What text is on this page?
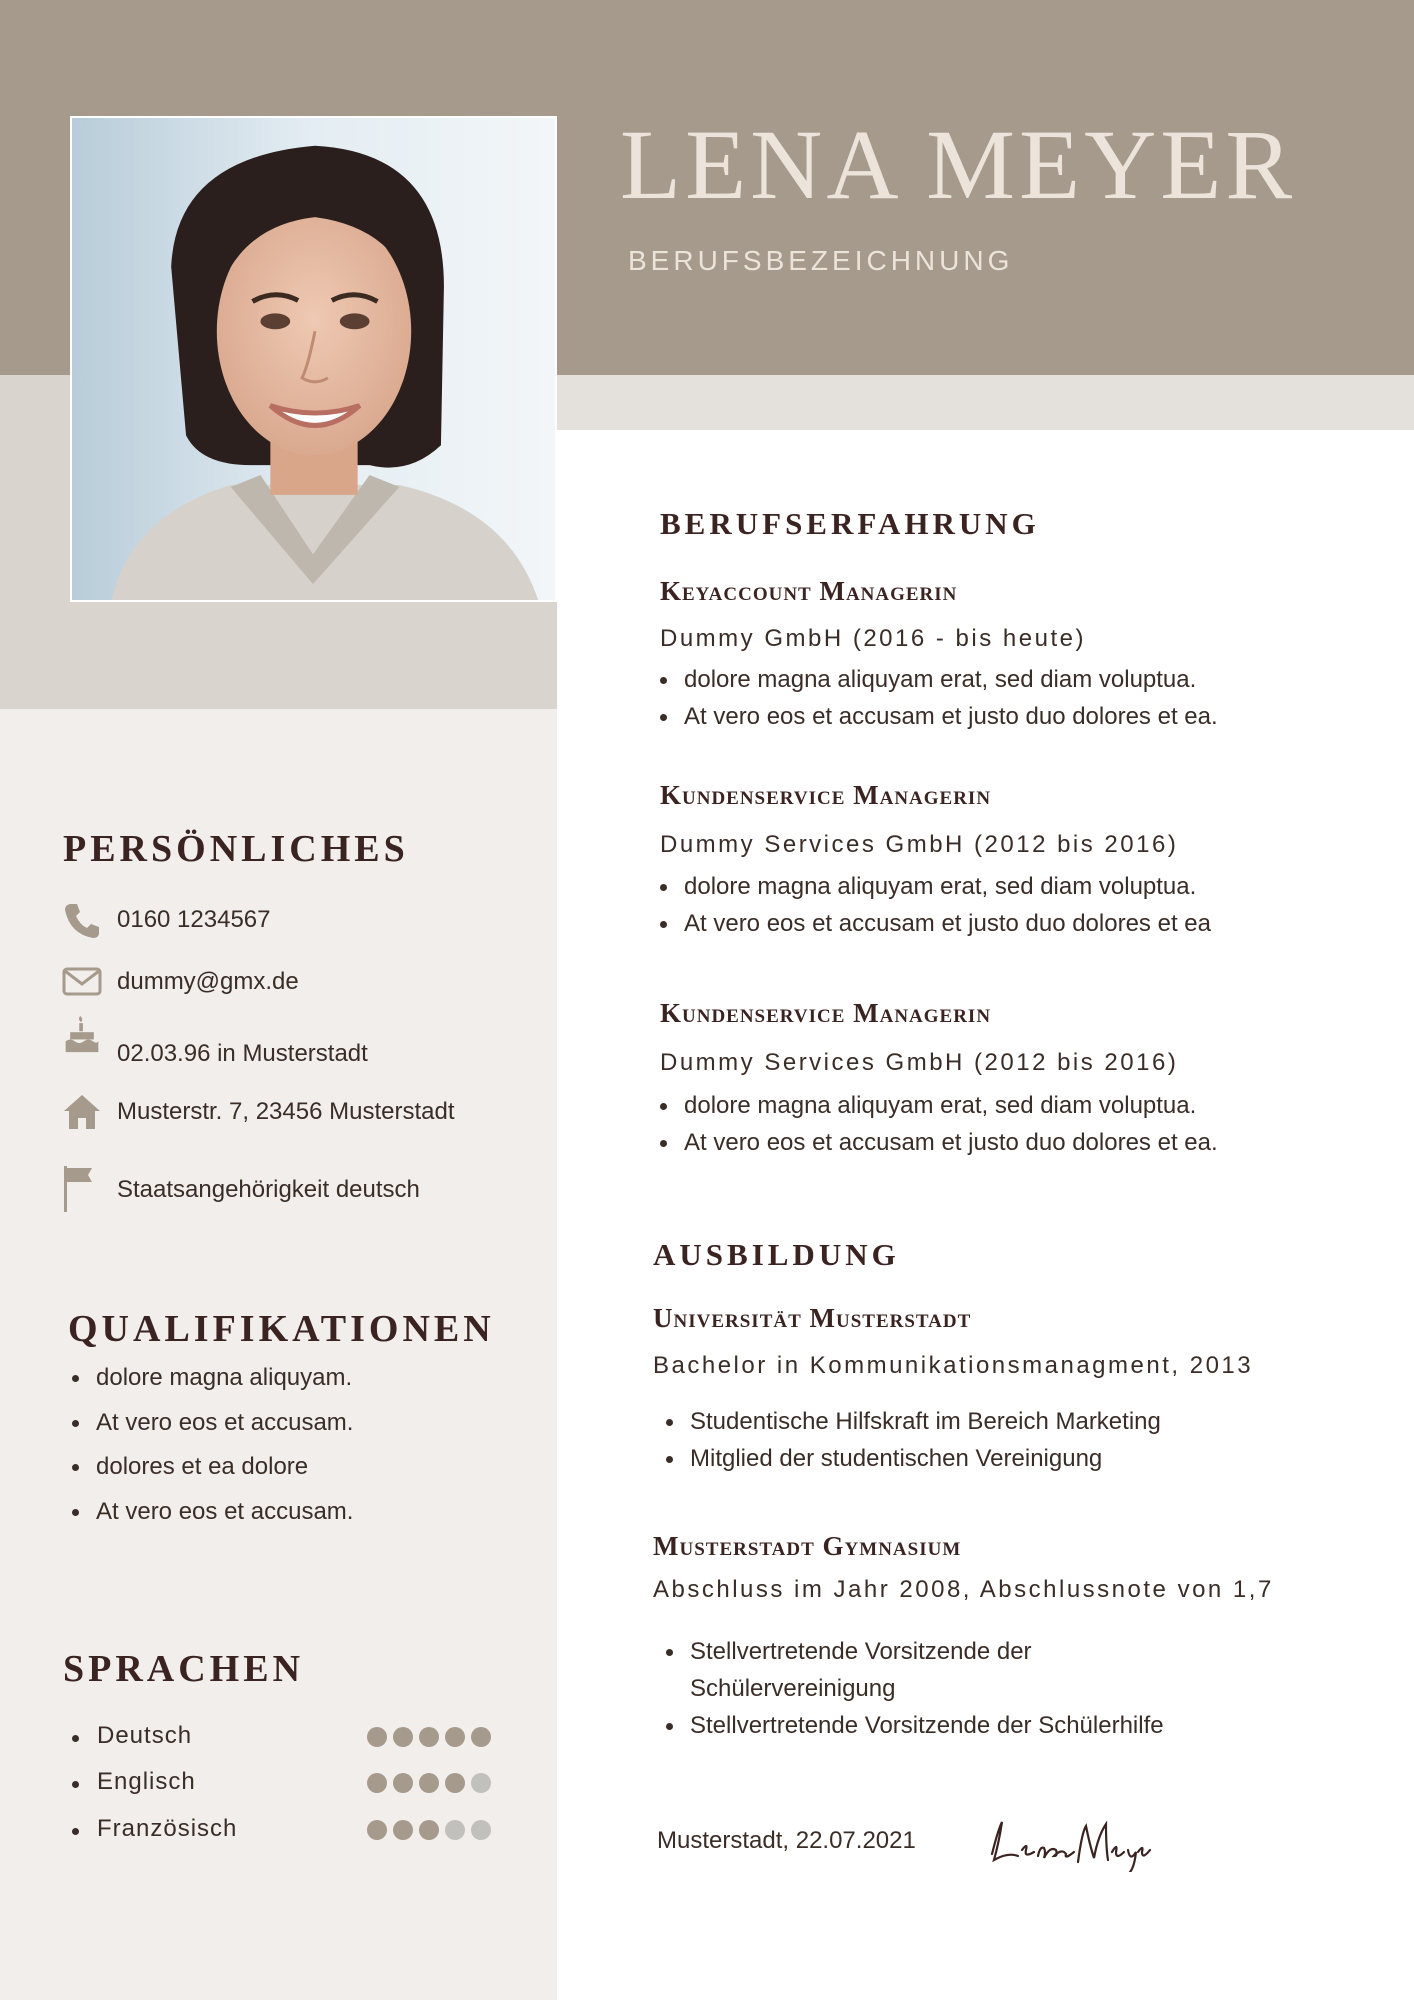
LENA MEYER
BERUFSBEZEICHNUNG
PERSÖNLICHES
0160 1234567
dummy@gmx.de
02.03.96 in Musterstadt
Musterstr. 7, 23456 Musterstadt
Staatsangehörigkeit deutsch
QUALIFIKATIONEN
dolore magna aliquyam.
At vero eos et accusam.
dolores et ea dolore
At vero eos et accusam.
SPRACHEN
Deutsch
Englisch
Französisch
BERUFSERFAHRUNG
Keyaccount Managerin
Dummy GmbH (2016 - bis heute)
dolore magna aliquyam erat, sed diam voluptua.
At vero eos et accusam et justo duo dolores et ea.
Kundenservice Managerin
Dummy Services GmbH (2012 bis 2016)
dolore magna aliquyam erat, sed diam voluptua.
At vero eos et accusam et justo duo dolores et ea
Kundenservice Managerin
Dummy Services GmbH (2012 bis 2016)
dolore magna aliquyam erat, sed diam voluptua.
At vero eos et accusam et justo duo dolores et ea.
AUSBILDUNG
Universität Musterstadt
Bachelor in Kommunikationsmanagment, 2013
Studentische Hilfskraft im Bereich Marketing
Mitglied der studentischen Vereinigung
Musterstadt Gymnasium
Abschluss im Jahr 2008, Abschlussnote von 1,7
Stellvertretende Vorsitzende der
Schülervereinigung
Stellvertretende Vorsitzende der Schülerhilfe
Musterstadt, 22.07.2021
